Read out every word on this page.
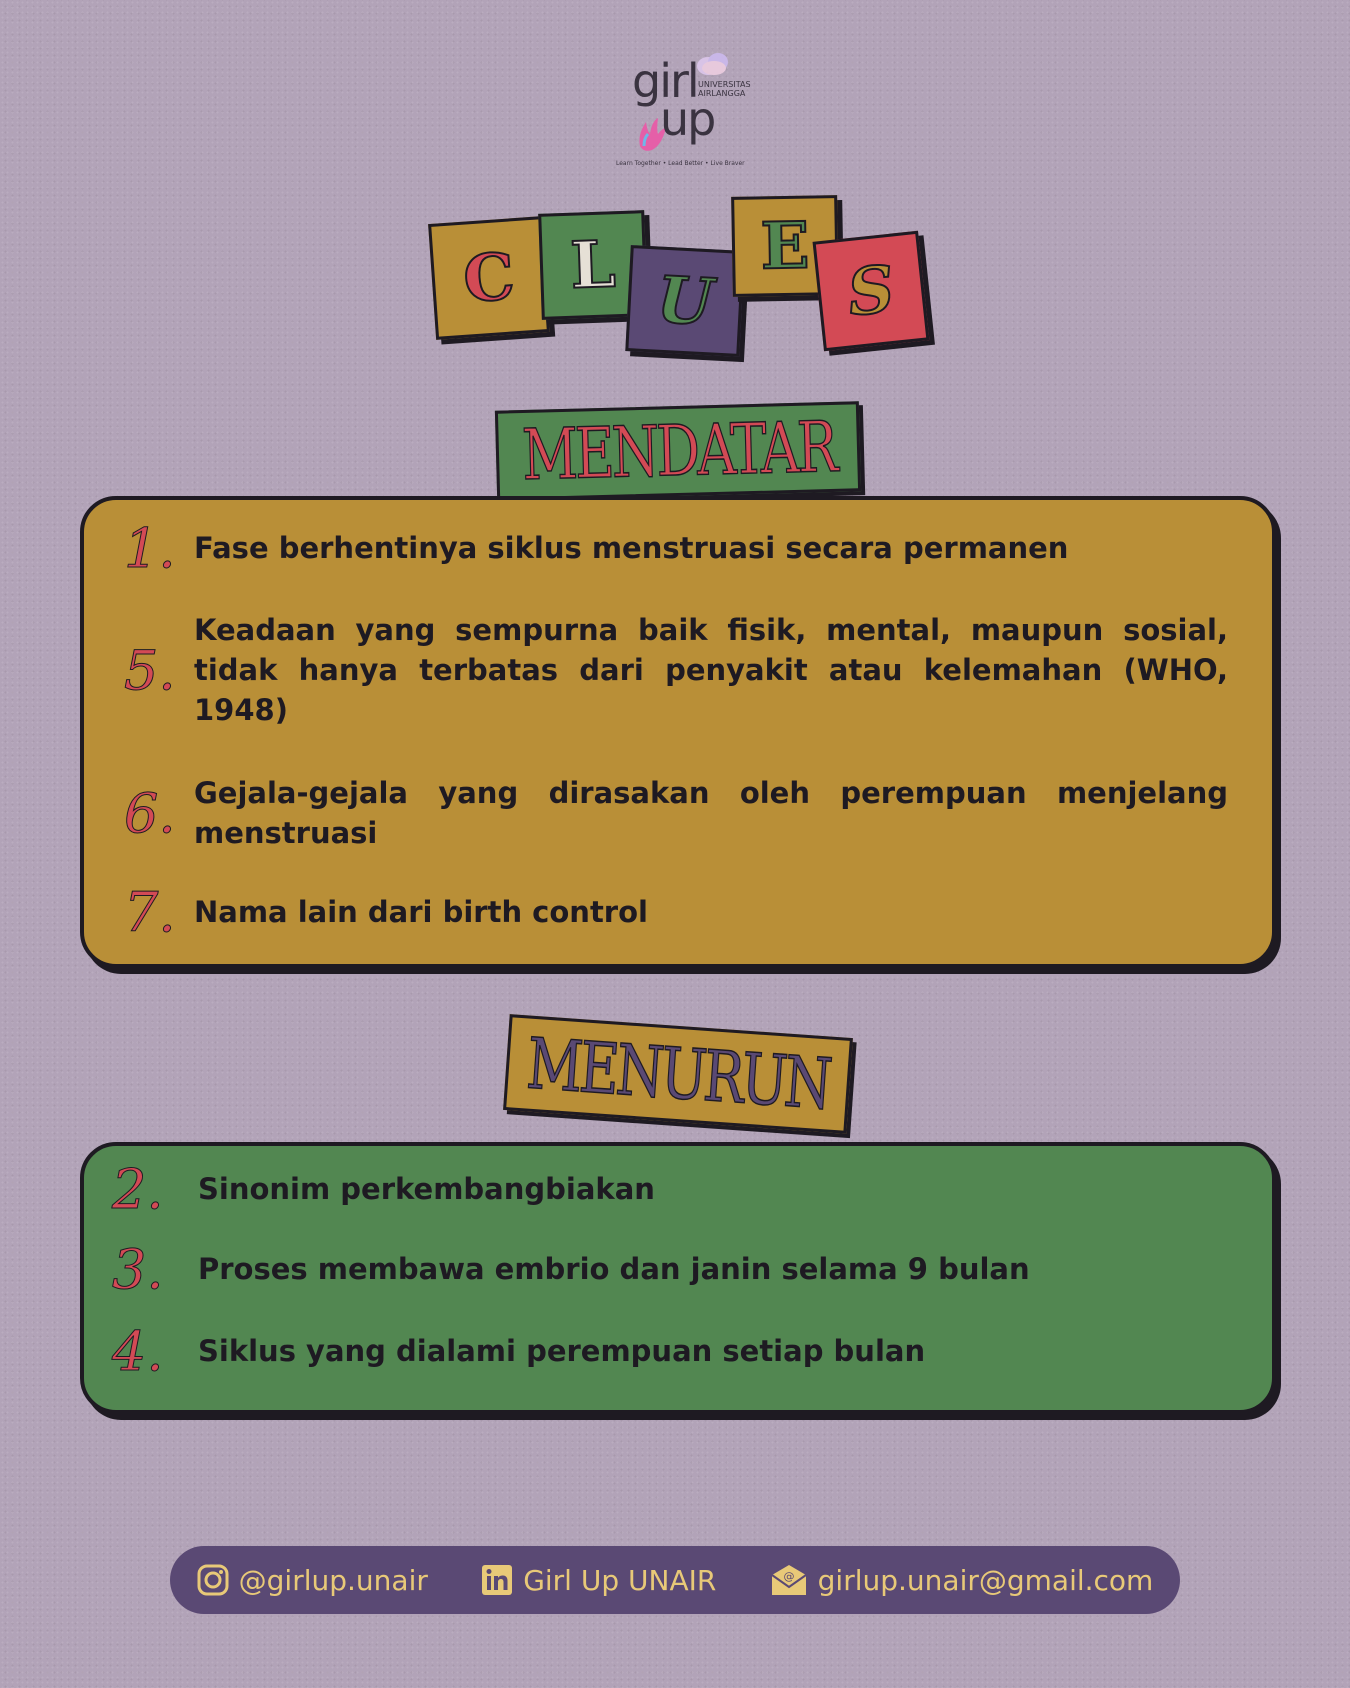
girl UNIVERSITAS
AIRLANGGA
up
Learn Together • Lead Better • Live Braver
C L U
E
S
MENDATAR
1. Fase berhentinya siklus menstruasi secara permanen
5.
Keadaan yang sempurna baik fisik, mental, maupun sosial, tidak hanya terbatas dari penyakit atau kelemahan (WHO, 1948)
6. Gejala-gejala yang dirasakan oleh perempuan menjelang menstruasi
7. Nama lain dari birth control
MENURUN
2.	Sinonim perkembangbiakan
3.	Proses membawa embrio dan janin selama 9 bulan
4.	Siklus yang dialami perempuan setiap bulan
@girlup.unair	Girl Up UNAIR	@ girlup.unair@gmail.com
